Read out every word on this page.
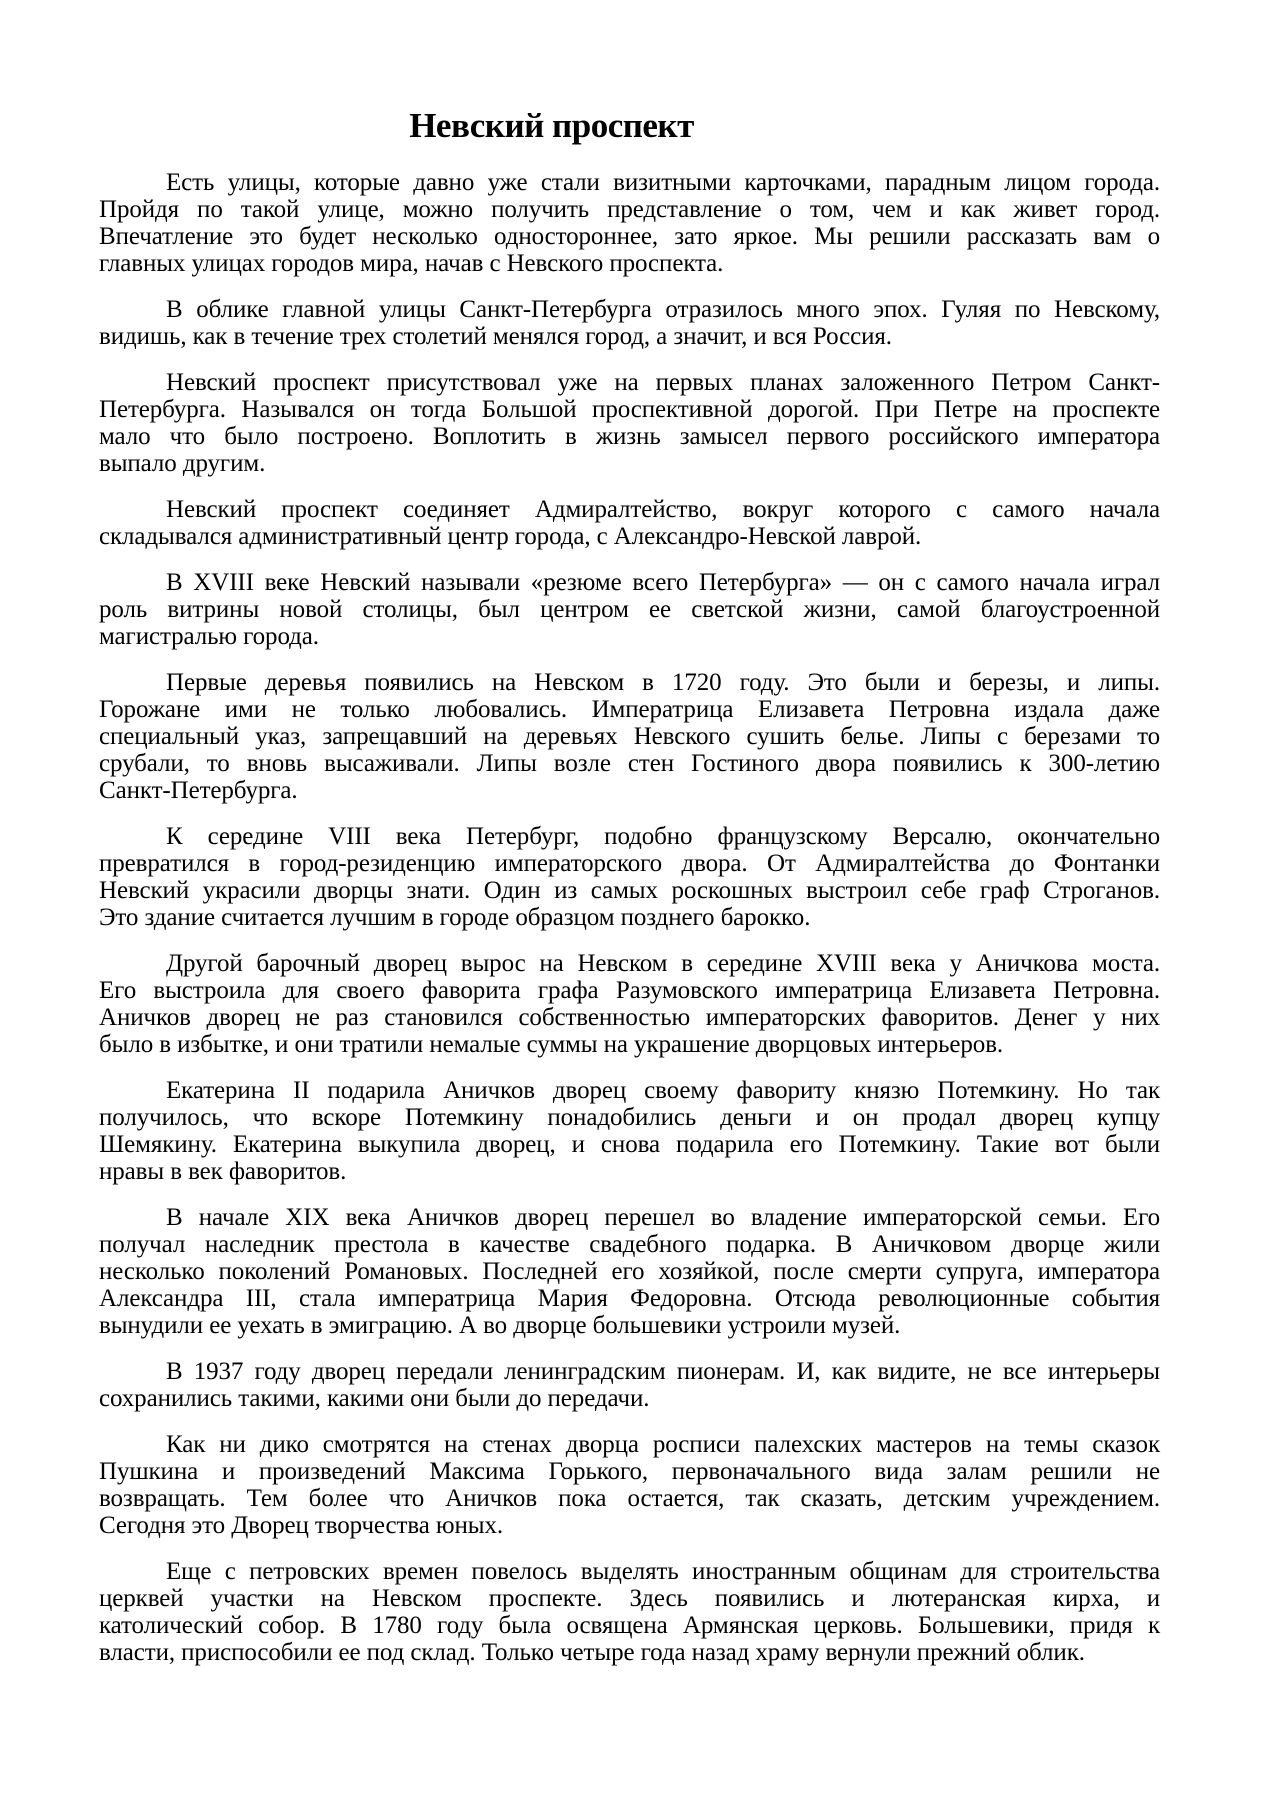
Невский проспект

Есть улицы, которые давно уже стали визитными карточками, парадным лицом города.
Пройдя по такой улице, можно получить представление о том, чем и как живет город.
Впечатление это будет несколько одностороннее, зато яркое. Мы решили рассказать вам о
главных улицах городов мира, начав с Невского проспекта.

В облике главной улицы Санкт-Петербурга отразилось много эпох. Гуляя по Невскому,
видишь, как в течение трех столетий менялся город, а значит, и вся Россия.

Невский проспект присутствовал уже на первых планах заложенного Петром Санкт-
Петербурга. Назывался он тогда Большой проспективной дорогой. При Петре на проспекте
мало что было построено. Воплотить в жизнь замысел первого российского императора
выпало другим.

Невский проспект соединяет Адмиралтейство, вокруг которого с самого начала
складывался административный центр города, с Александро-Невской лаврой.

В XVIII веке Невский называли «резюме всего Петербурга» — он с самого начала играл
роль витрины новой столицы, был центром ее светской жизни, самой благоустроенной
магистралью города.

Первые деревья появились на Невском в 1720 году. Это были и березы, и липы.
Горожане ими не только любовались. Императрица Елизавета Петровна издала даже
специальный указ, запрещавший на деревьях Невского сушить белье. Липы с березами то
срубали, то вновь высаживали. Липы возле стен Гостиного двора появились к 300-летию
Санкт-Петербурга.

К середине VIII века Петербург, подобно французскому Версалю, окончательно
превратился в город-резиденцию императорского двора. От Адмиралтейства до Фонтанки
Невский украсили дворцы знати. Один из самых роскошных выстроил себе граф Строганов.
Это здание считается лучшим в городе образцом позднего барокко.

Другой барочный дворец вырос на Невском в середине XVIII века у Аничкова моста.
Его выстроила для своего фаворита графа Разумовского императрица Елизавета Петровна.
Аничков дворец не раз становился собственностью императорских фаворитов. Денег у них
было в избытке, и они тратили немалые суммы на украшение дворцовых интерьеров.

Екатерина II подарила Аничков дворец своему фавориту князю Потемкину. Но так
получилось, что вскоре Потемкину понадобились деньги и он продал дворец купцу
Шемякину. Екатерина выкупила дворец, и снова подарила его Потемкину. Такие вот были
нравы в век фаворитов.

В начале XIX века Аничков дворец перешел во владение императорской семьи. Его
получал наследник престола в качестве свадебного подарка. В Аничковом дворце жили
несколько поколений Романовых. Последней его хозяйкой, после смерти супруга, императора
Александра III, стала императрица Мария Федоровна. Отсюда революционные события
вынудили ее уехать в эмиграцию. А во дворце большевики устроили музей.

В 1937 году дворец передали ленинградским пионерам. И, как видите, не все интерьеры
сохранились такими, какими они были до передачи.

Как ни дико смотрятся на стенах дворца росписи палехских мастеров на темы сказок
Пушкина и произведений Максима Горького, первоначального вида залам решили не
возвращать. Тем более что Аничков пока остается, так сказать, детским учреждением.
Сегодня это Дворец творчества юных.

Еще с петровских времен повелось выделять иностранным общинам для строительства
церквей участки на Невском проспекте. Здесь появились и лютеранская кирха, и
католический собор. В 1780 году была освящена Армянская церковь. Большевики, придя к
власти, приспособили ее под склад. Только четыре года назад храму вернули прежний облик.
